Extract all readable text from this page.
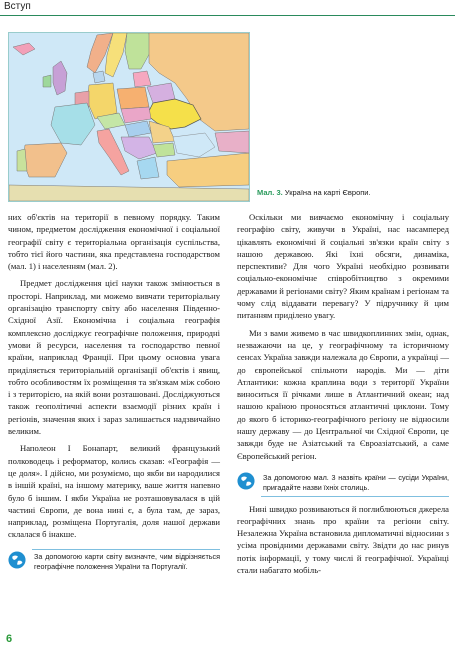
Вступ
Мал. 3. Україна на карті Європи.

них об'єктів на території в певному порядку. Таким чином, предметом дослідження економічної і соціальної географії світу є територіальна організація суспільства, тобто тієї його частини, яка представлена господарством (мал. 1) і населенням (мал. 2).

Предмет дослідження цієї науки також змінюється в просторі. Наприклад, ми можемо вивчати територіальну організацію транспорту світу або населення Південно-Східної Азії. Економічна і соціальна географія комплексно досліджує географічне положення, природні умови й ресурси, населення та господарство певної країни, наприклад Франції. При цьому основна увага приділяється територіальній організації об'єктів і явищ, тобто особливостям їх розміщення та зв'язкам між собою і з територією, на якій вони розташовані. Досліджуються також геополітичні аспекти взаємодії різних країн і регіонів, значення яких і зараз залишається надзвичайно великим.

Наполеон І Бонапарт, великий французький полководець і реформатор, колись сказав: «Географія — це доля». І дійсно, ми розуміємо, що якби ви народилися в іншій країні, на іншому материку, ваше життя напевно було б іншим. І якби Україна не розташовувалася в цій частині Європи, де вона нині є, а була там, де зараз, наприклад, розміщена Португалія, доля нашої держави склалася б інакше.

За допомогою карти світу визначте, чим відрізняється географічне положення України та Португалії.

Оскільки ми вивчаємо економічну і соціальну географію світу, живучи в Україні, нас насамперед цікавлять економічні й соціальні зв'язки країн світу з нашою державою. Які їхні обсяги, динаміка, перспективи? Для чого Україні необхідно розвивати соціально-економічне співробітництво з окремими державами й регіонами світу? Яким країнам і регіонам та чому слід віддавати перевагу? У підручнику й цим питанням приділено увагу.

Ми з вами живемо в час швидкоплинних змін, однак, незважаючи на це, у географічному та історичному сенсах Україна завжди належала до Європи, а українці — до європейської спільноти народів. Ми — діти Атлантики: кожна краплина води з території України виноситься її річками лише в Атлантичний океан; над нашою країною проносяться атлантичні циклони. Тому до якого б історико-географічного регіону не відносили нашу державу — до Центральної чи Східної Європи, це завжди буде не Азіатський та Євроазіатський, а саме Європейський регіон.

За допомогою мал. 3 назвіть країни — сусіди України, пригадайте назви їхніх столиць.

Нині швидко розвиваються й поглиблюються джерела географічних знань про країни та регіони світу. Незалежна Україна встановила дипломатичні відносини з усіма провідними державами світу. Звідти до нас ринув потік інформації, у тому числі й географічної. Українці стали набагато мобіль-

6
